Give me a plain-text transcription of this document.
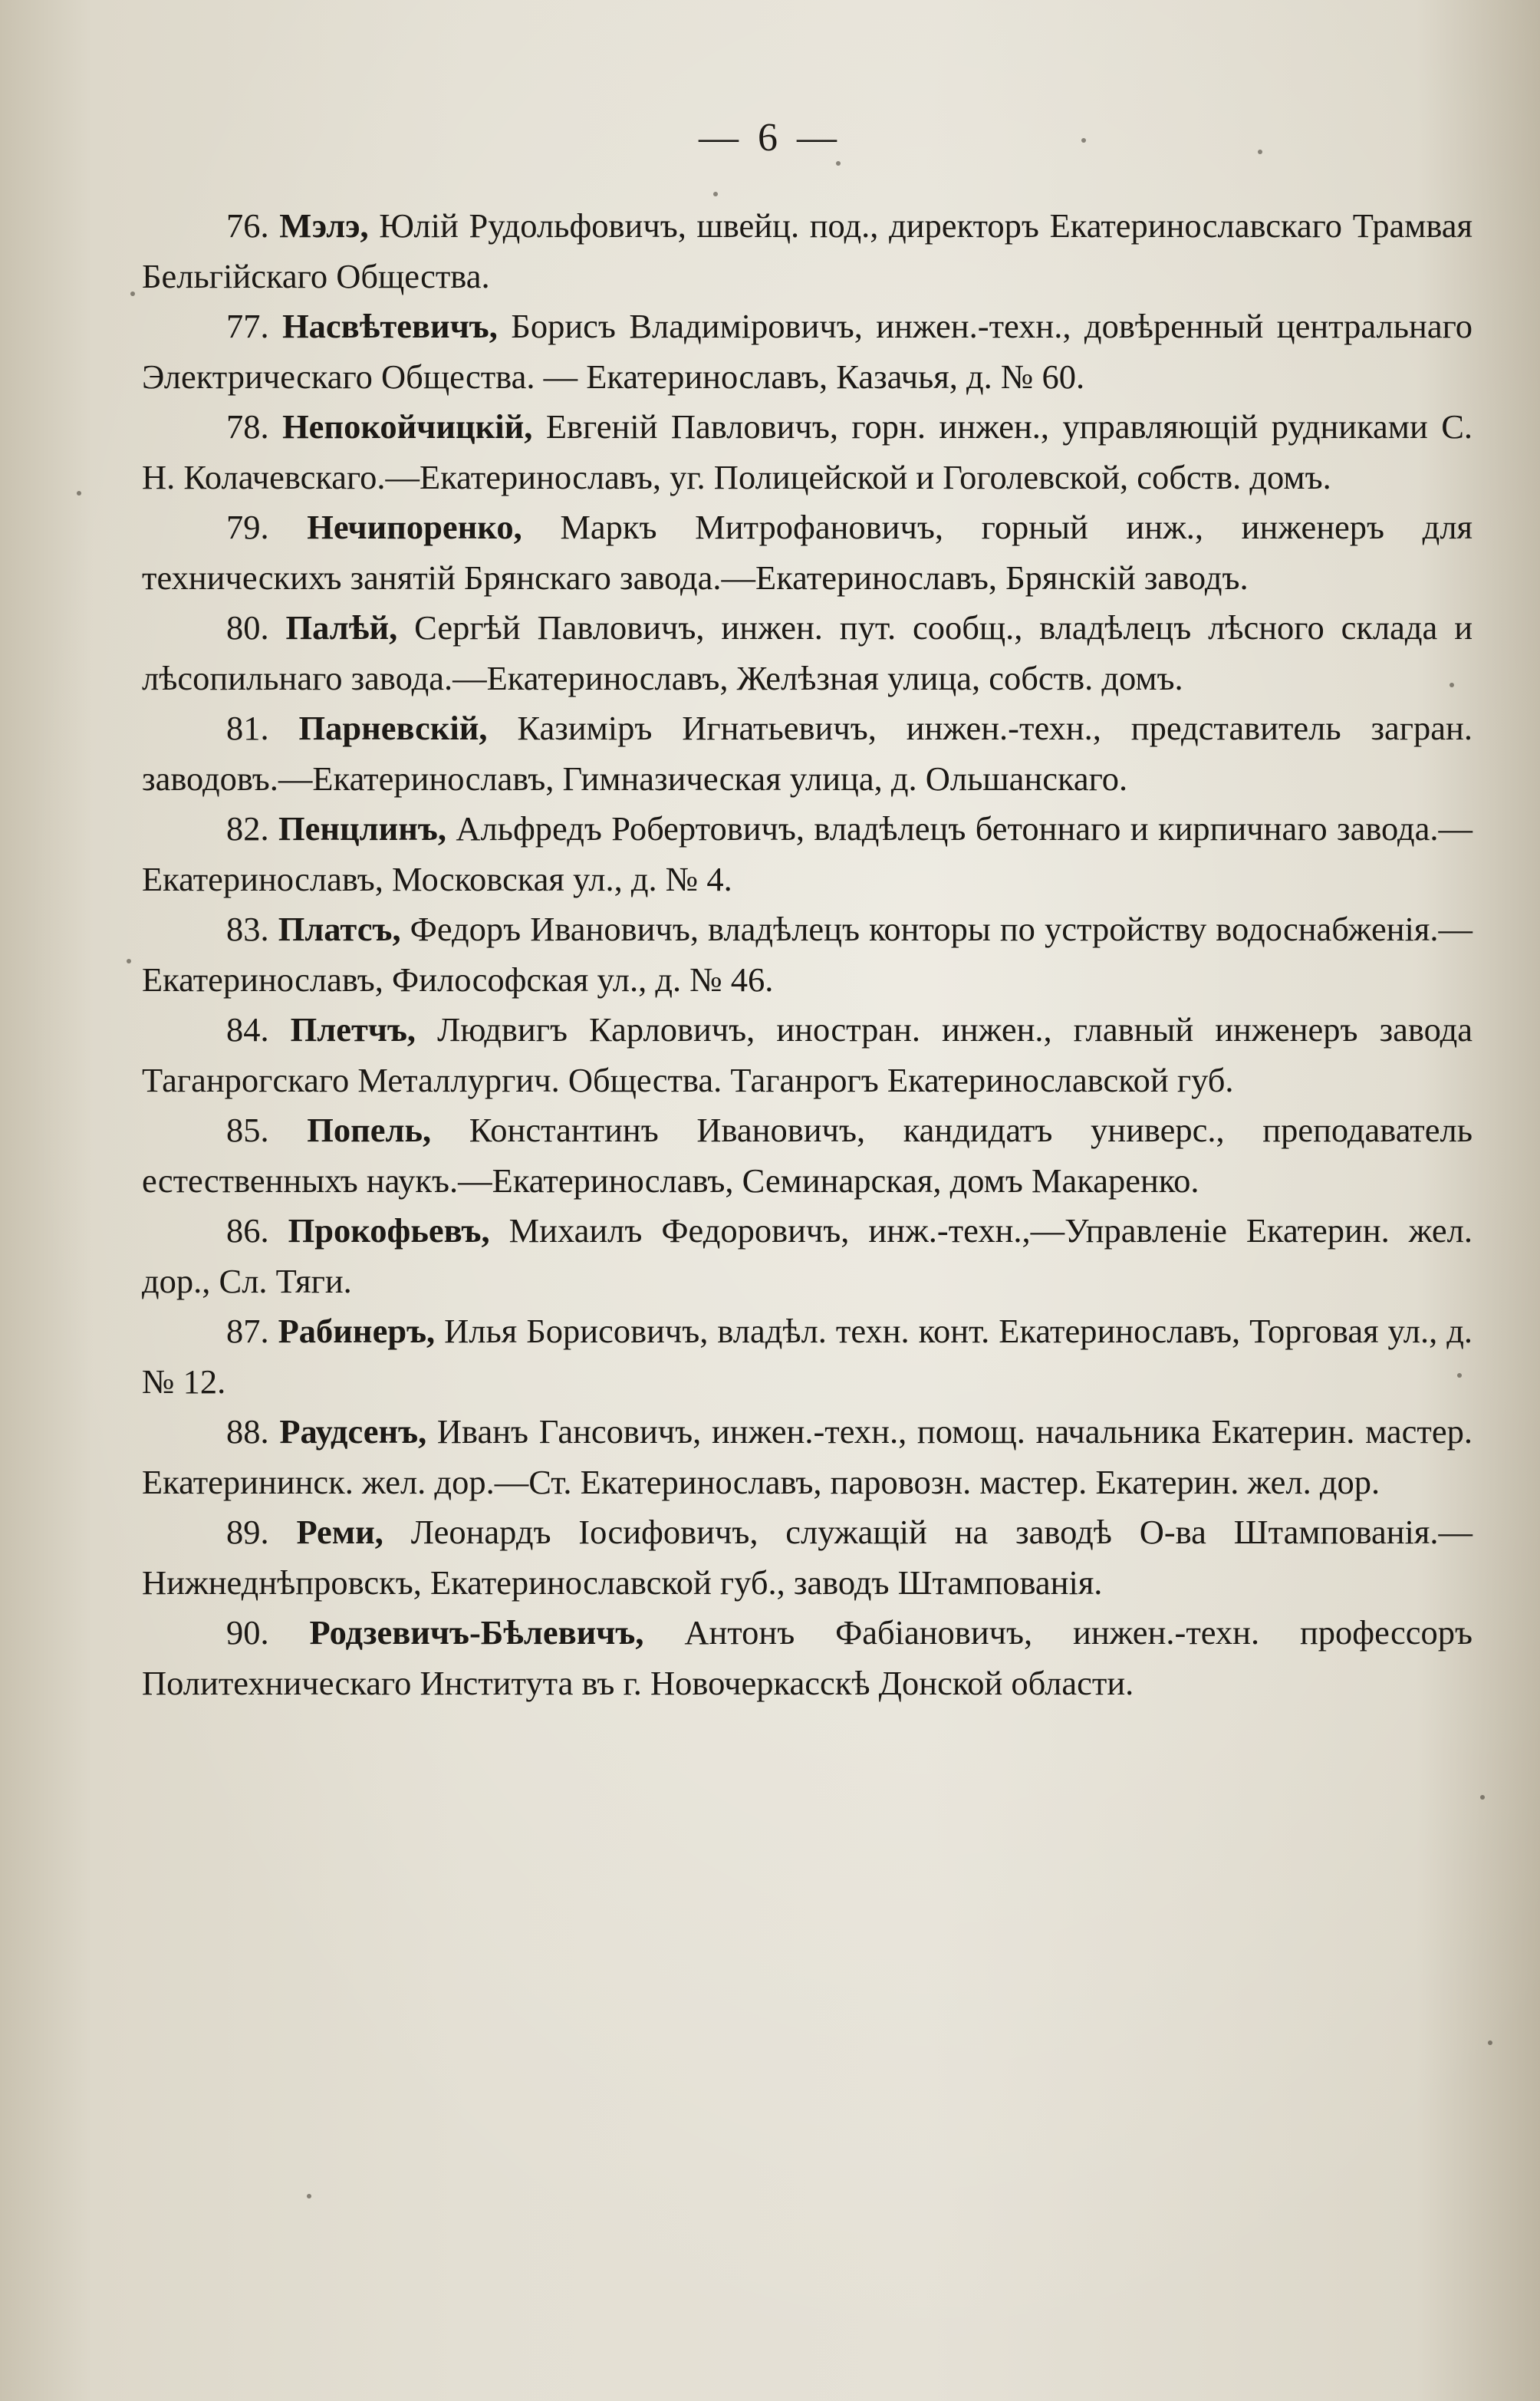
— 6 —

76. Мэлэ, Юлій Рудольфовичъ, швейц. под., директоръ Екатеринославскаго Трамвая Бельгійскаго Общества.

77. Насвѣтевичъ, Борисъ Владиміровичъ, инжен.-техн., довѣренный центральнаго Электрическаго Общества. — Екатеринославъ, Казачья, д. № 60.

78. Непокойчицкій, Евгеній Павловичъ, горн. инжен., управляющій рудниками С. Н. Колачевскаго.—Екатеринославъ, уг. Полицейской и Гоголевской, собств. домъ.

79. Нечипоренко, Маркъ Митрофановичъ, горный инж., инженеръ для техническихъ занятій Брянскаго завода.—Екатеринославъ, Брянскій заводъ.

80. Палѣй, Сергѣй Павловичъ, инжен. пут. сообщ., владѣлецъ лѣсного склада и лѣсопильнаго завода.—Екатеринославъ, Желѣзная улица, собств. домъ.

81. Парневскій, Казиміръ Игнатьевичъ, инжен.-техн., представитель загран. заводовъ.—Екатеринославъ, Гимназическая улица, д. Ольшанскаго.

82. Пенцлинъ, Альфредъ Робертовичъ, владѣлецъ бетоннаго и кирпичнаго завода.—Екатеринославъ, Московская ул., д. № 4.

83. Платсъ, Федоръ Ивановичъ, владѣлецъ конторы по устройству водоснабженія.—Екатеринославъ, Философская ул., д. № 46.

84. Плетчъ, Людвигъ Карловичъ, иностран. инжен., главный инженеръ завода Таганрогскаго Металлургич. Общества. Таганрогъ Екатеринославской губ.

85. Попель, Константинъ Ивановичъ, кандидатъ универс., преподаватель естественныхъ наукъ.—Екатеринославъ, Семинарская, домъ Макаренко.

86. Прокофьевъ, Михаилъ Федоровичъ, инж.-техн.,—Управленіе Екатерин. жел. дор., Сл. Тяги.

87. Рабинеръ, Илья Борисовичъ, владѣл. техн. конт. Екатеринославъ, Торговая ул., д. № 12.

88. Раудсенъ, Иванъ Гансовичъ, инжен.-техн., помощ. начальника Екатерин. мастер. Екатерининск. жел. дор.—Ст. Екатеринославъ, паровозн. мастер. Екатерин. жел. дор.

89. Реми, Леонардъ Іосифовичъ, служащій на заводѣ О-ва Штампованія.—Нижнеднѣпровскъ, Екатеринославской губ., заводъ Штампованія.

90. Родзевичъ-Бѣлевичъ, Антонъ Фабіановичъ, инжен.-техн. профессоръ Политехническаго Института въ г. Новочеркасскѣ Донской области.
